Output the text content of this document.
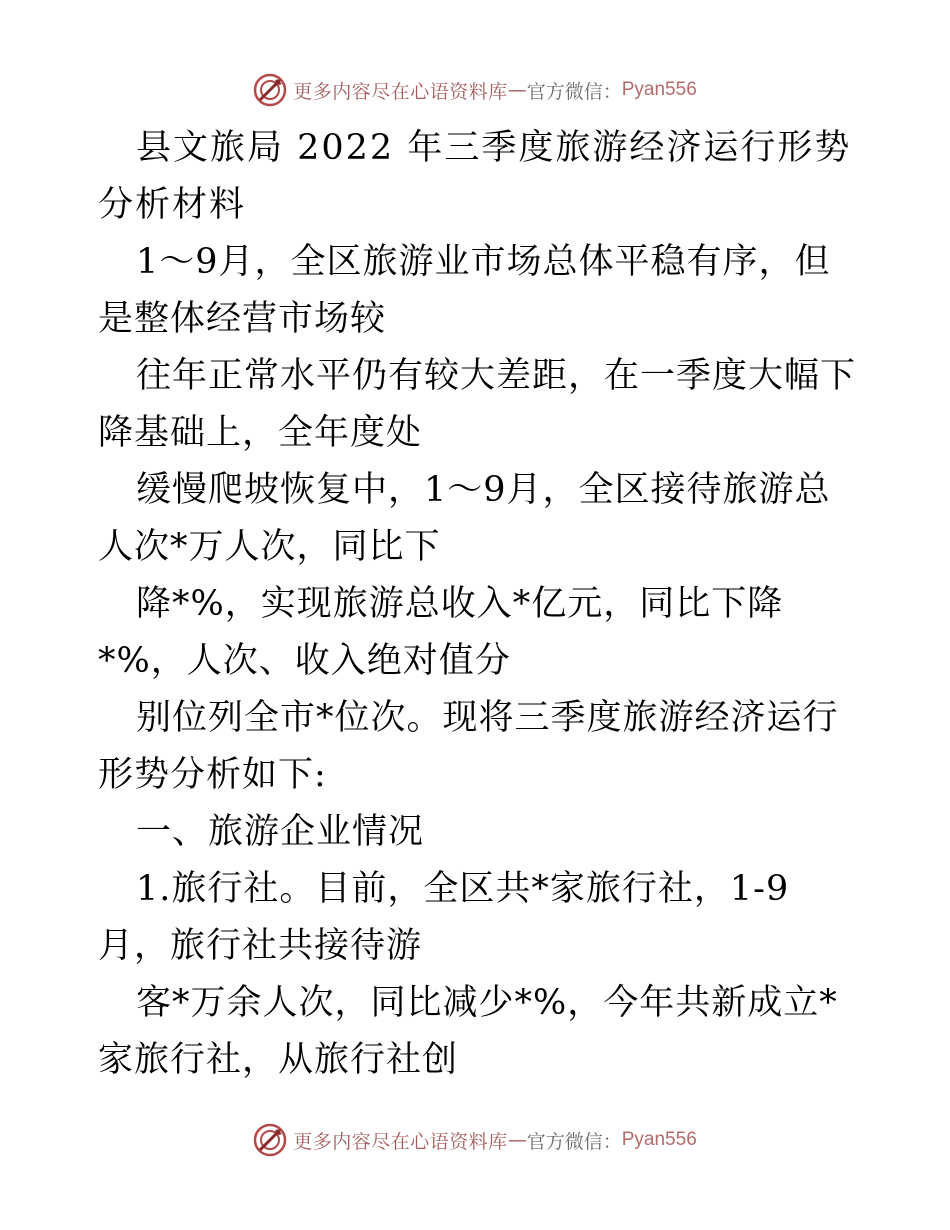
更多内容尽在心语资料库 — 官方微信： Pyan556

县文旅局 2022 年三季度旅游经济运行形势分析材料

1～9月，全区旅游业市场总体平稳有序，但是整体经营市场较

往年正常水平仍有较大差距，在一季度大幅下降基础上，全年度处

缓慢爬坡恢复中，1～9月，全区接待旅游总人次*万人次，同比下

降*%，实现旅游总收入*亿元，同比下降*%，人次、收入绝对值分

别位列全市*位次。现将三季度旅游经济运行形势分析如下:

一、旅游企业情况

1.旅行社。目前，全区共*家旅行社，1-9 月，旅行社共接待游

客*万余人次，同比减少*%，今年共新成立*家旅行社，从旅行社创

更多内容尽在心语资料库 — 官方微信： Pyan556
